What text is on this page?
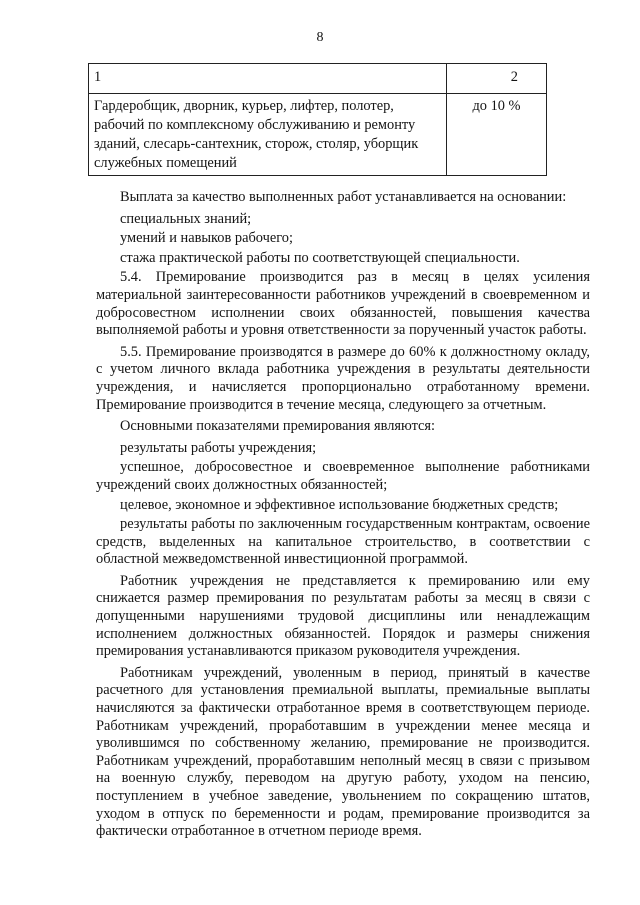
8
1	2
Гардеробщик, дворник, курьер, лифтер, полотер, рабочий по комплексному обслуживанию и ремонту зданий, слесарь-сантехник, сторож, столяр, уборщик служебных помещений	до 10 %

Выплата за качество выполненных работ устанавливается на основании:

специальных знаний;

умений и навыков рабочего;

стажа практической работы по соответствующей специальности.

5.4. Премирование производится раз в месяц в целях усиления материальной заинтересованности работников учреждений в своевременном и добросовестном исполнении своих обязанностей, повышения качества выполняемой работы и уровня ответственности за порученный участок работы.

5.5. Премирование производятся в размере до 60% к должностному окладу, с учетом личного вклада работника учреждения в результаты деятельности учреждения, и начисляется пропорционально отработанному времени. Премирование производится в течение месяца, следующего за отчетным.

Основными показателями премирования являются:

результаты работы учреждения;

успешное, добросовестное и своевременное выполнение работниками учреждений своих должностных обязанностей;

целевое, экономное и эффективное использование бюджетных средств;

результаты работы по заключенным государственным контрактам, освоение средств, выделенных на капитальное строительство, в соответствии с областной межведомственной инвестиционной программой.

Работник учреждения не представляется к премированию или ему снижается размер премирования по результатам работы за месяц в связи с допущенными нарушениями трудовой дисциплины или ненадлежащим исполнением должностных обязанностей. Порядок и размеры снижения премирования устанавливаются приказом руководителя учреждения.

Работникам учреждений, уволенным в период, принятый в качестве расчетного для установления премиальной выплаты, премиальные выплаты начисляются за фактически отработанное время в соответствующем периоде. Работникам учреждений, проработавшим в учреждении менее месяца и уволившимся по собственному желанию, премирование не производится. Работникам учреждений, проработавшим неполный месяц в связи с призывом на военную службу, переводом на другую работу, уходом на пенсию, поступлением в учебное заведение, увольнением по сокращению штатов, уходом в отпуск по беременности и родам, премирование производится за фактически отработанное в отчетном периоде время.
